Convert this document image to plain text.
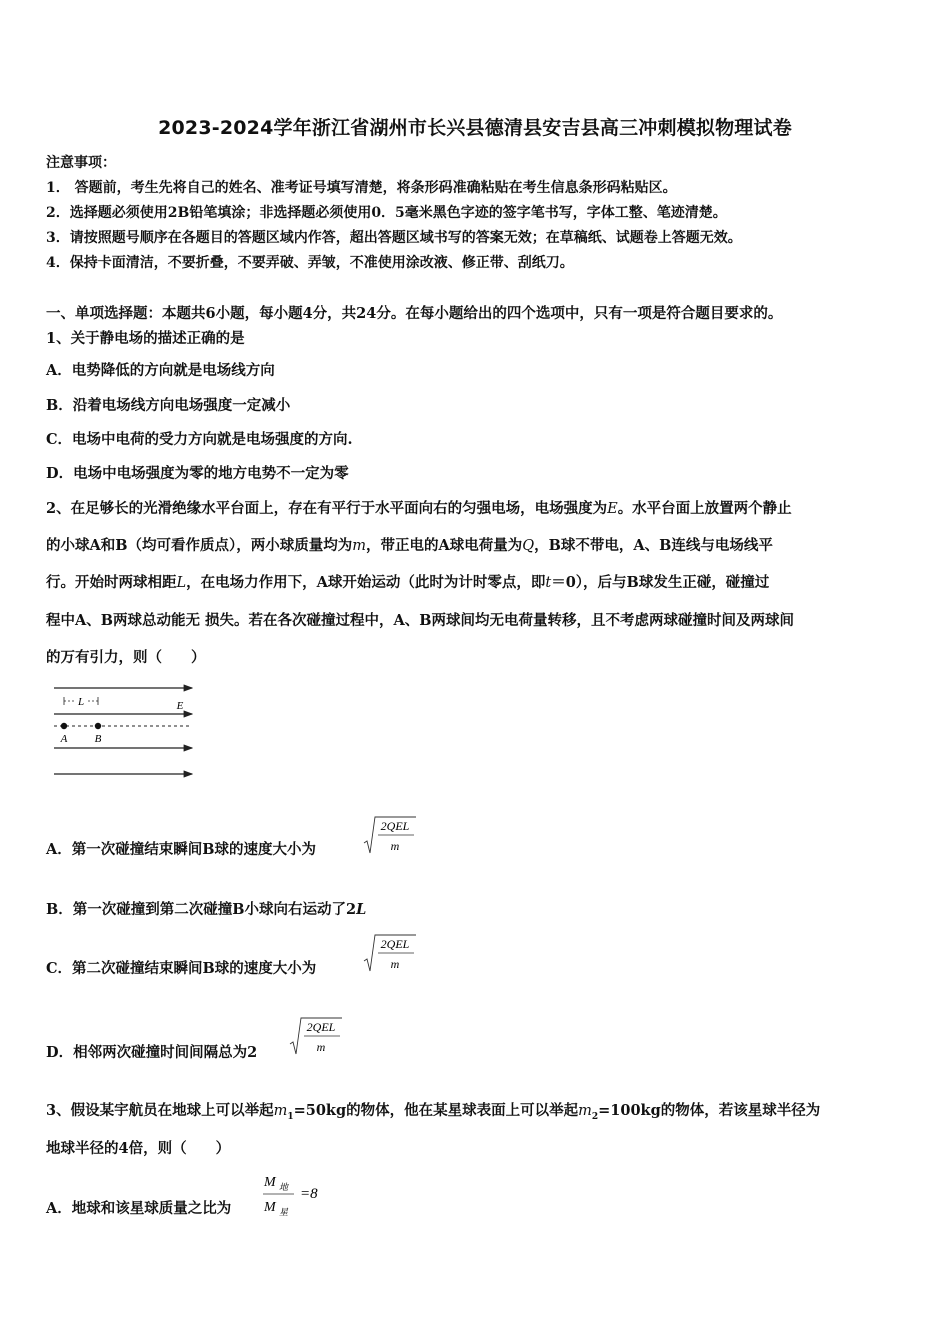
2023-2024学年浙江省湖州市长兴县德清县安吉县高三冲刺模拟物理试卷
注意事项：
1． 答题前，考生先将自己的姓名、准考证号填写清楚，将条形码准确粘贴在考生信息条形码粘贴区。
2．选择题必须使用2B铅笔填涂；非选择题必须使用0．5毫米黑色字迹的签字笔书写，字体工整、笔迹清楚。
3．请按照题号顺序在各题目的答题区域内作答，超出答题区域书写的答案无效；在草稿纸、试题卷上答题无效。
4．保持卡面清洁，不要折叠，不要弄破、弄皱，不准使用涂改液、修正带、刮纸刀。
一、单项选择题：本题共6小题，每小题4分，共24分。在每小题给出的四个选项中，只有一项是符合题目要求的。
1、关于静电场的描述正确的是
A．电势降低的方向就是电场线方向
B．沿着电场线方向电场强度一定减小
C．电场中电荷的受力方向就是电场强度的方向.
D．电场中电场强度为零的地方电势不一定为零
2、在足够长的光滑绝缘水平台面上，存在有平行于水平面向右的匀强电场，电场强度为E。水平台面上放置两个静止
的小球A和B（均可看作质点），两小球质量均为m，带正电的A球电荷量为Q，B球不带电，A、B连线与电场线平
行。开始时两球相距L，在电场力作用下，A球开始运动（此时为计时零点，即t＝0），后与B球发生正碰，碰撞过
程中A、B两球总动能无 损失。若在各次碰撞过程中，A、B两球间均无电荷量转移，且不考虑两球碰撞时间及两球间
的万有引力，则（　　）
L	E
A B
A．第一次碰撞结束瞬间B球的速度大小为
2QEL
m
B．第一次碰撞到第二次碰撞B小球向右运动了2L
C．第二次碰撞结束瞬间B球的速度大小为
2QEL
m
D．相邻两次碰撞时间间隔总为2
2QEL
m
3、假设某宇航员在地球上可以举起$m_1=50kg$的物体，他在某星球表面上可以举起$m_2=100kg$的物体，若该星球半径为
地球半径的4倍，则（　　）
A．地球和该星球质量之比为
M 地
M 星
=8
